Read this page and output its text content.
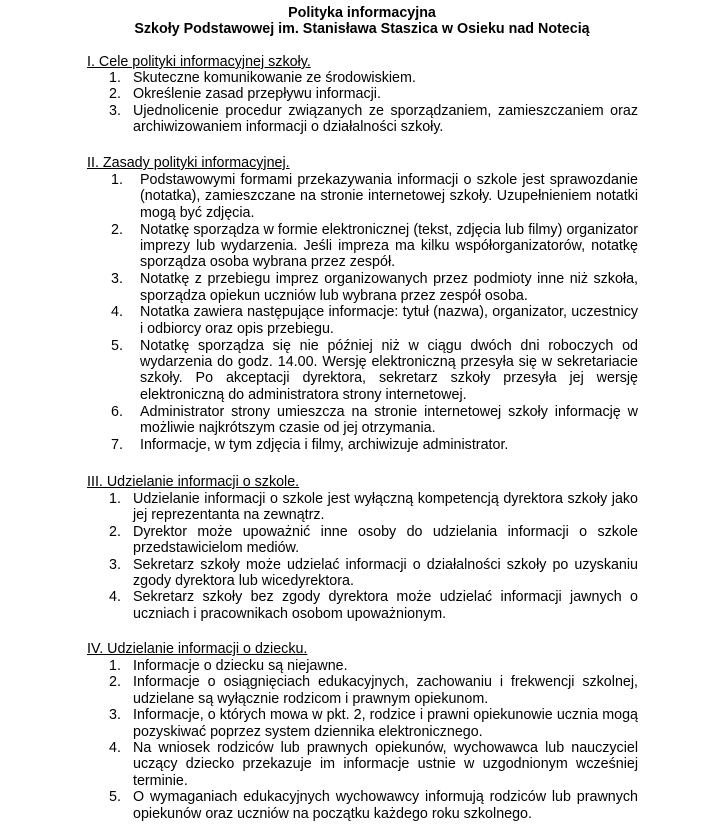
Polityka informacyjna
Szkoły Podstawowej im. Stanisława Staszica w Osieku nad Notecią
I. Cele polityki informacyjnej szkoły.
1. Skuteczne komunikowanie ze środowiskiem.
2. Określenie zasad przepływu informacji.
3. Ujednolicenie procedur związanych ze sporządzaniem, zamieszczaniem oraz archiwizowaniem informacji o działalności szkoły.
II. Zasady polityki informacyjnej.
1. Podstawowymi formami przekazywania informacji o szkole jest sprawozdanie (notatka), zamieszczane na stronie internetowej szkoły. Uzupełnieniem notatki mogą być zdjęcia.
2. Notatkę sporządza w formie elektronicznej (tekst, zdjęcia lub filmy) organizator imprezy lub wydarzenia. Jeśli impreza ma kilku współorganizatorów, notatkę sporządza osoba wybrana przez zespół.
3. Notatkę z przebiegu imprez organizowanych przez podmioty inne niż szkoła, sporządza opiekun uczniów lub wybrana przez zespół osoba.
4. Notatka zawiera następujące informacje: tytuł (nazwa), organizator, uczestnicy i odbiorcy oraz opis przebiegu.
5. Notatkę sporządza się nie później niż w ciągu dwóch dni roboczych od wydarzenia do godz. 14.00. Wersję elektroniczną przesyła się w sekretariacie szkoły. Po akceptacji dyrektora, sekretarz szkoły przesyła jej wersję elektroniczną do administratora strony internetowej.
6. Administrator strony umieszcza na stronie internetowej szkoły informację w możliwie najkrótszym czasie od jej otrzymania.
7. Informacje, w tym zdjęcia i filmy, archiwizuje administrator.
III. Udzielanie informacji o szkole.
1. Udzielanie informacji o szkole jest wyłączną kompetencją dyrektora szkoły jako jej reprezentanta na zewnątrz.
2. Dyrektor może upoważnić inne osoby do udzielania informacji o szkole przedstawicielom mediów.
3. Sekretarz szkoły może udzielać informacji o działalności szkoły po uzyskaniu zgody dyrektora lub wicedyrektora.
4. Sekretarz szkoły bez zgody dyrektora może udzielać informacji jawnych o uczniach i pracownikach osobom upoważnionym.
IV. Udzielanie informacji o dziecku.
1. Informacje o dziecku są niejawne.
2. Informacje o osiągnięciach edukacyjnych, zachowaniu i frekwencji szkolnej, udzielane są wyłącznie rodzicom i prawnym opiekunom.
3. Informacje, o których mowa w pkt. 2, rodzice i prawni opiekunowie ucznia mogą pozyskiwać poprzez system dziennika elektronicznego.
4. Na wniosek rodziców lub prawnych opiekunów, wychowawca lub nauczyciel uczący dziecko przekazuje im informacje ustnie w uzgodnionym wcześniej terminie.
5. O wymaganiach edukacyjnych wychowawcy informują rodziców lub prawnych opiekunów oraz uczniów na początku każdego roku szkolnego.
